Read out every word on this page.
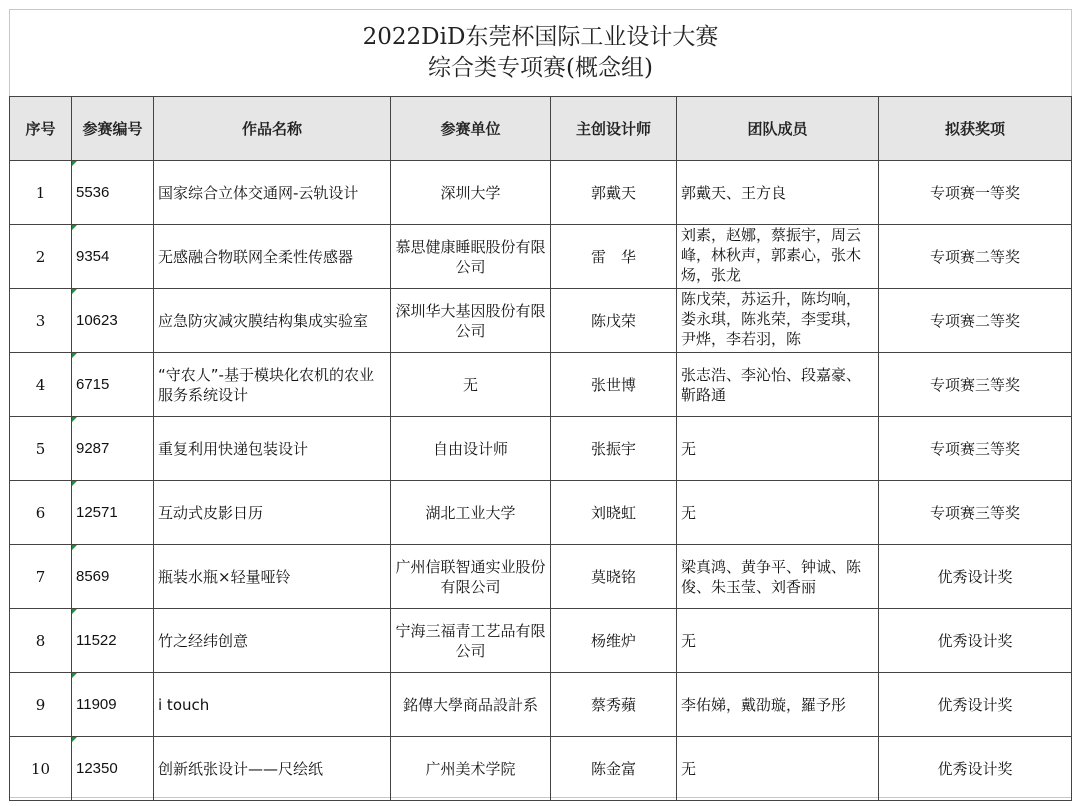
2022DiD东莞杯国际工业设计大赛
综合类专项赛(概念组)
序号	参赛编号	作品名称	参赛单位	主创设计师	团队成员	拟获奖项
1	5536	国家综合立体交通网-云轨设计	深圳大学	郭戴天	郭戴天、王方良	专项赛一等奖
2	9354	无感融合物联网全柔性传感器	慕思健康睡眠股份有限公司	雷　华	刘素，赵娜，蔡振宇，周云峰，林秋声，郭素心，张木炀，张龙	专项赛二等奖
3	10623	应急防灾减灾膜结构集成实验室	深圳华大基因股份有限公司	陈戊荣	陈戊荣，苏运升，陈均响，娄永琪，陈兆荣，李雯琪，尹烨，李若羽，陈	专项赛二等奖
4	6715	“守农人”-基于模块化农机的农业服务系统设计	无	张世博	张志浩、李沁怡、段嘉豪、靳路通	专项赛三等奖
5	9287	重复利用快递包装设计	自由设计师	张振宇	无	专项赛三等奖
6	12571	互动式皮影日历	湖北工业大学	刘晓虹	无	专项赛三等奖
7	8569	瓶装水瓶×轻量哑铃	广州信联智通实业股份有限公司	莫晓铭	梁真鸿、黄争平、钟诚、陈俊、朱玉莹、刘香丽	优秀设计奖
8	11522	竹之经纬创意	宁海三福青工艺品有限公司	杨维炉	无	优秀设计奖
9	11909	i touch	銘傳大學商品設計系	蔡秀蘋	李佑娣，戴劭璇，羅予彤	优秀设计奖
10	12350	创新纸张设计——尺绘纸	广州美术学院	陈金富	无	优秀设计奖
